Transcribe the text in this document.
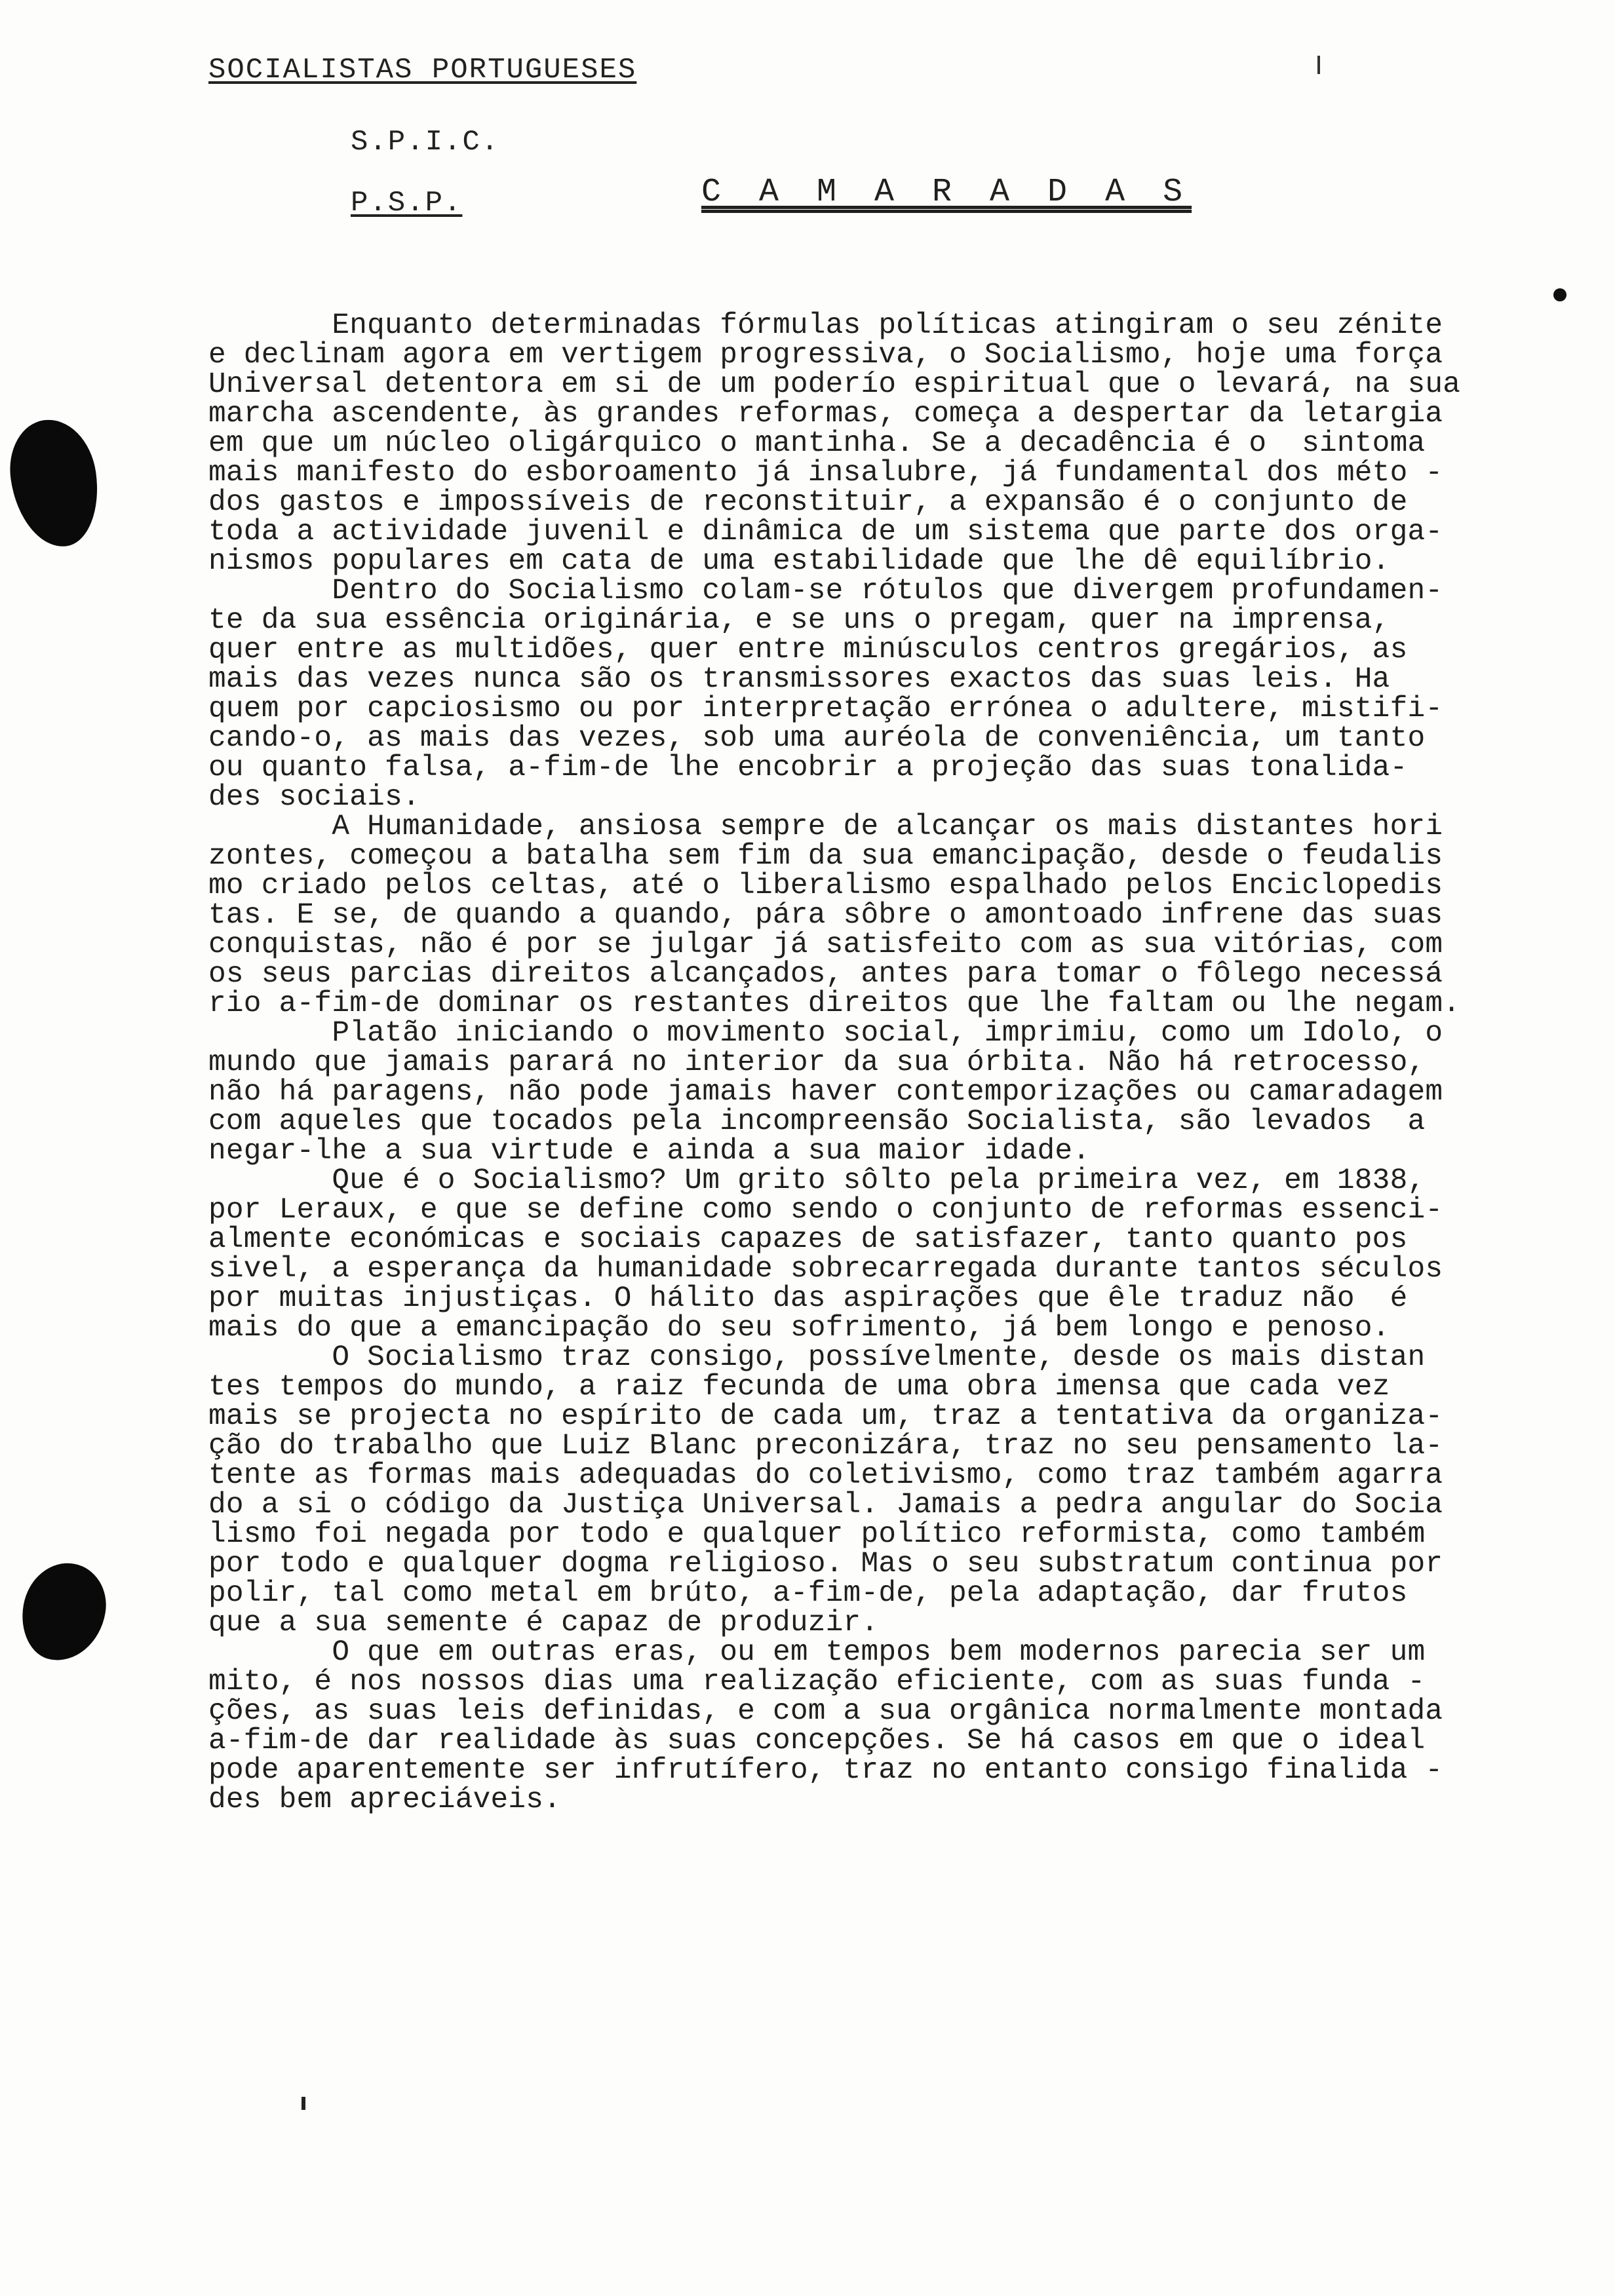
SOCIALISTAS PORTUGUESES
S.P.I.C.
P.S.P.	C A M A R A D A S
Enquanto determinadas fórmulas políticas atingiram o seu zénite
e declinam agora em vertigem progressiva, o Socialismo, hoje uma força
Universal detentora em si de um poderío espiritual que o levará, na sua
marcha ascendente, às grandes reformas, começa a despertar da letargia
em que um núcleo oligárquico o mantinha. Se a decadência é o  sintoma
mais manifesto do esboroamento já insalubre, já fundamental dos méto -
dos gastos e impossíveis de reconstituir, a expansão é o conjunto de
toda a actividade juvenil e dinâmica de um sistema que parte dos orga-
nismos populares em cata de uma estabilidade que lhe dê equilíbrio.
Dentro do Socialismo colam-se rótulos que divergem profundamen-
te da sua essência originária, e se uns o pregam, quer na imprensa,
quer entre as multidões, quer entre minúsculos centros gregários, as
mais das vezes nunca são os transmissores exactos das suas leis. Ha
quem por capciosismo ou por interpretação errónea o adultere, mistifi-
cando-o, as mais das vezes, sob uma auréola de conveniência, um tanto
ou quanto falsa, a-fim-de lhe encobrir a projeção das suas tonalida-
des sociais.
A Humanidade, ansiosa sempre de alcançar os mais distantes hori
zontes, começou a batalha sem fim da sua emancipação, desde o feudalis
mo criado pelos celtas, até o liberalismo espalhado pelos Enciclopedis
tas. E se, de quando a quando, pára sôbre o amontoado infrene das suas
conquistas, não é por se julgar já satisfeito com as sua vitórias, com
os seus parcias direitos alcançados, antes para tomar o fôlego necessá
rio a-fim-de dominar os restantes direitos que lhe faltam ou lhe negam.
Platão iniciando o movimento social, imprimiu, como um Idolo, o
mundo que jamais parará no interior da sua órbita. Não há retrocesso,
não há paragens, não pode jamais haver contemporizações ou camaradagem
com aqueles que tocados pela incompreensão Socialista, são levados  a
negar-lhe a sua virtude e ainda a sua maior idade.
Que é o Socialismo? Um grito sôlto pela primeira vez, em 1838,
por Leraux, e que se define como sendo o conjunto de reformas essenci-
almente económicas e sociais capazes de satisfazer, tanto quanto pos
sivel, a esperança da humanidade sobrecarregada durante tantos séculos
por muitas injustiças. O hálito das aspirações que êle traduz não  é
mais do que a emancipação do seu sofrimento, já bem longo e penoso.
O Socialismo traz consigo, possívelmente, desde os mais distan
tes tempos do mundo, a raiz fecunda de uma obra imensa que cada vez
mais se projecta no espírito de cada um, traz a tentativa da organiza-
ção do trabalho que Luiz Blanc preconizára, traz no seu pensamento la-
tente as formas mais adequadas do coletivismo, como traz também agarra
do a si o código da Justiça Universal. Jamais a pedra angular do Socia
lismo foi negada por todo e qualquer político reformista, como também
por todo e qualquer dogma religioso. Mas o seu substratum continua por
polir, tal como metal em brúto, a-fim-de, pela adaptação, dar frutos
que a sua semente é capaz de produzir.
O que em outras eras, ou em tempos bem modernos parecia ser um
mito, é nos nossos dias uma realização eficiente, com as suas funda -
ções, as suas leis definidas, e com a sua orgânica normalmente montada
a-fim-de dar realidade às suas concepções. Se há casos em que o ideal
pode aparentemente ser infrutífero, traz no entanto consigo finalida -
des bem apreciáveis.
